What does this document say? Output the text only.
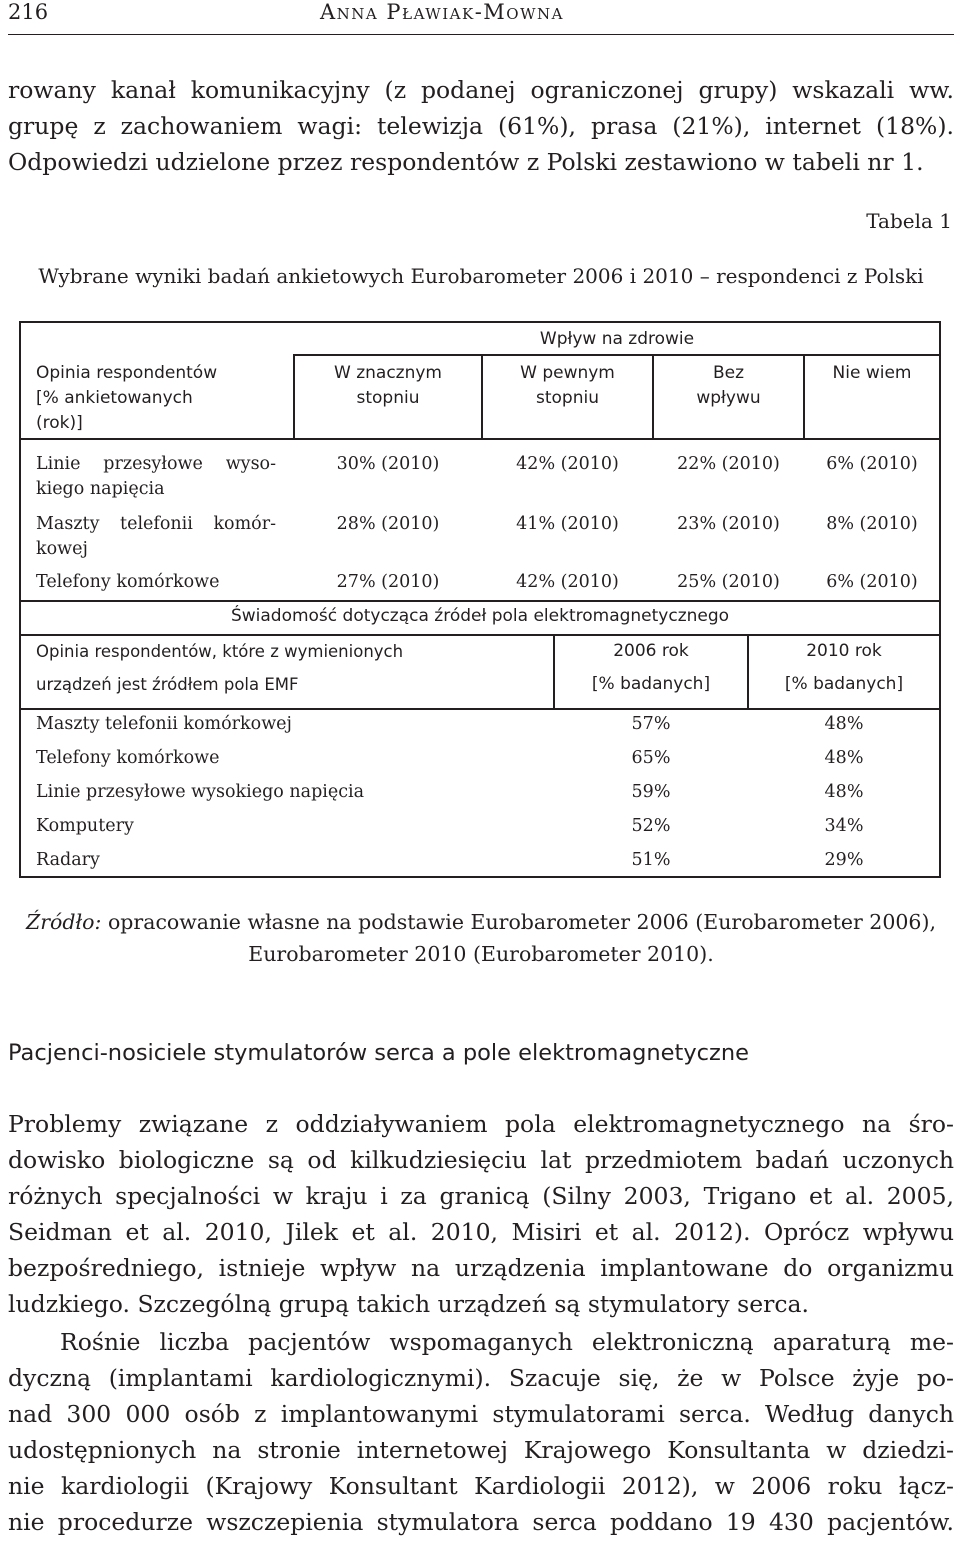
216	Anna Pławiak-Mowna
rowany kanał komunikacyjny (z podanej ograniczonej grupy) wskazali ww.
grupę z zachowaniem wagi: telewizja (61%), prasa (21%), internet (18%).
Odpowiedzi udzielone przez respondentów z Polski zestawiono w tabeli nr 1.
Tabela 1
Wybrane wyniki badań ankietowych Eurobarometer 2006 i 2010 – respondenci z Polski
Wpływ na zdrowie
Opinia respondentów
[% ankietowanych
(rok)]
W znacznym
stopniu
W pewnym
stopniu
Bez
wpływu
Nie wiem
Linie przesyłowe wyso-
kiego napięcia
30% (2010)	42% (2010)	22% (2010)	6% (2010)
Maszty telefonii komór-
kowej
28% (2010)	41% (2010)	23% (2010)	8% (2010)
Telefony komórkowe	27% (2010)	42% (2010)	25% (2010)	6% (2010)
Świadomość dotycząca źródeł pola elektromagnetycznego
Opinia respondentów, które z wymienionych
urządzeń jest źródłem pola EMF
2006 rok
[% badanych]
2010 rok
[% badanych]
Maszty telefonii komórkowej	57%	48%
Telefony komórkowe	65%	48%
Linie przesyłowe wysokiego napięcia	59%	48%
Komputery	52%	34%
Radary	51%	29%
Źródło: opracowanie własne na podstawie Eurobarometer 2006 (Eurobarometer 2006),
Eurobarometer 2010 (Eurobarometer 2010).
Pacjenci-nosiciele stymulatorów serca a pole elektromagnetyczne
Problemy związane z oddziaływaniem pola elektromagnetycznego na śro-
dowisko biologiczne są od kilkudziesięciu lat przedmiotem badań uczonych
różnych specjalności w kraju i za granicą (Silny 2003, Trigano et al. 2005,
Seidman et al. 2010, Jilek et al. 2010, Misiri et al. 2012). Oprócz wpływu
bezpośredniego, istnieje wpływ na urządzenia implantowane do organizmu
ludzkiego. Szczególną grupą takich urządzeń są stymulatory serca.
Rośnie liczba pacjentów wspomaganych elektroniczną aparaturą me-
dyczną (implantami kardiologicznymi). Szacuje się, że w Polsce żyje po-
nad 300 000 osób z implantowanymi stymulatorami serca. Według danych
udostępnionych na stronie internetowej Krajowego Konsultanta w dziedzi-
nie kardiologii (Krajowy Konsultant Kardiologii 2012), w 2006 roku łącz-
nie procedurze wszczepienia stymulatora serca poddano 19 430 pacjentów.
